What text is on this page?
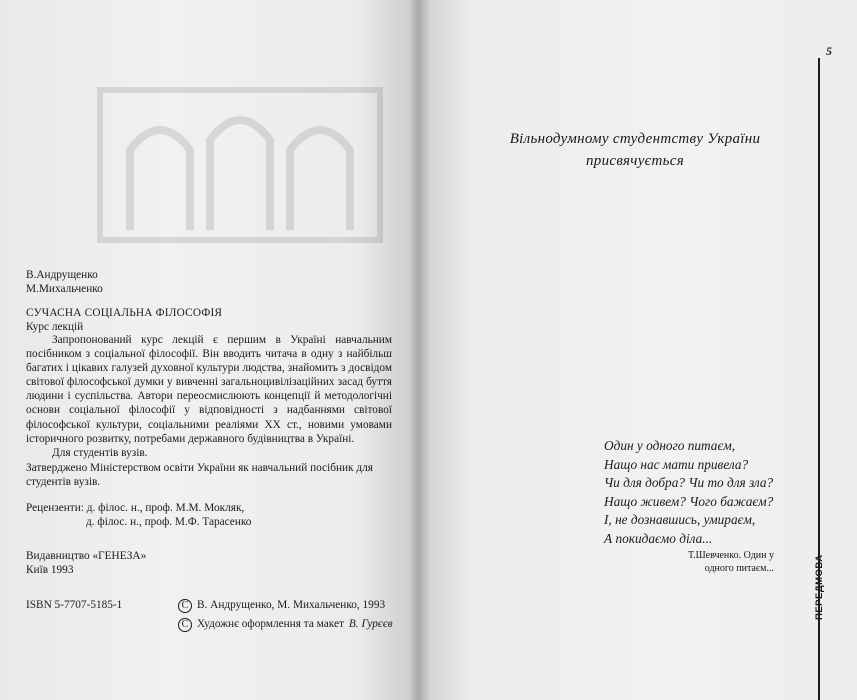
В.Андрущенко
М.Михальченко
СУЧАСНА СОЦІАЛЬНА ФІЛОСОФІЯ
Курс лекцій

Запропонований курс лекцій є першим в Україні навчальним посібником з соціальної філософії. Він вводить читача в одну з найбільш багатих і цікавих галузей духовної культури людства, знайомить з досвідом світової філософської думки у вивченні загальноцивілізаційних засад буття людини і суспільства. Автори переосмислюють концепції й методологічні основи соціальної філософії у відповідності з надбаннями світової філософської культури, соціальними реаліями XX ст., новими умовами історичного розвитку, потребами державного будівництва в Україні.

Для студентів вузів.

Затверджено Міністерством освіти України як навчальний посібник для студентів вузів.
Рецензенти: д. філос. н., проф. М.М. Мокляк,
д. філос. н., проф. М.Ф. Тарасенко
Видавництво «ГЕНЕЗА»
Київ 1993
ISBN 5-7707-5185-1	C В. Андрущенко, М. Михальченко, 1993
C Художнє оформлення та макет В. Гурєєв
5
ПЕРЕДМОВА
Вільнодумному студентству України
присвячується
Один у одного питаєм,
Нащо нас мати привела?
Чи для добра? Чи то для зла?
Нащо живем? Чого бажаєм?
І, не дознавшись, умираєм,
А покидаємо діла...
Т.Шевченко. Один у одного питаєм...
